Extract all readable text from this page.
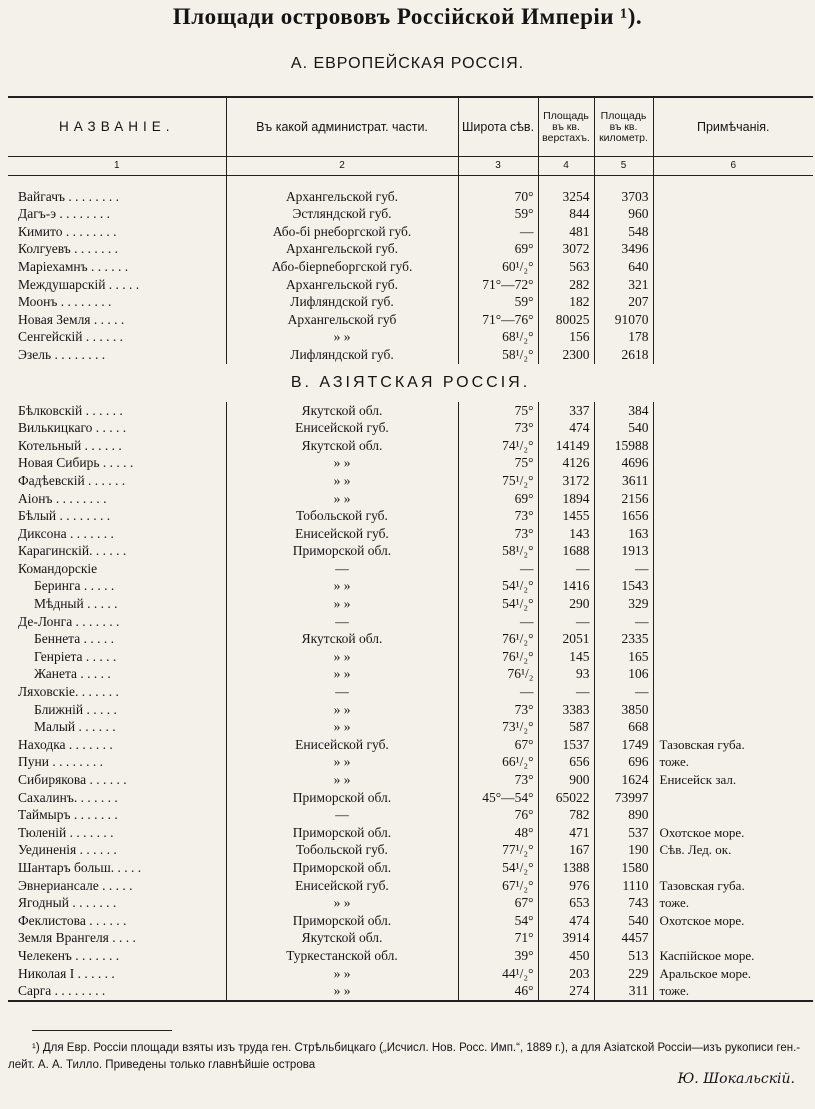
Площади острововъ Россійской Имперіи ¹).
А. ЕВРОПЕЙСКАЯ РОССІЯ.
НАЗВАНІЕ.	Въ какой администрат. части.	Широта сѣв.	Площадь въ кв. верстахъ.	Площадь въ кв. километр.	Примѣчанія.
1	2	3	4	5	6

Вайгачъ . . . . . . . .	Архангельской губ.	70°	3254	3703	
Дагъ-э . . . . . . . .	Эстляндской губ.	59°	844	960	
Кимито . . . . . . . .	Або-бі рнеборгской губ.	—	481	548	
Колгуевъ . . . . . . .	Архангельской губ.	69°	3072	3496	
Маріехамнъ . . . . . .	Або-біерneборгской губ.	60¹/₂°	563	640	
Междушарскій . . . . .	Архангельской губ.	71°—72°	282	321	
Моонъ . . . . . . . .	Лифляндской губ.	59°	182	207	
Новая Земля . . . . .	Архангельской губ	71°—76°	80025	91070	
Сенгейскій . . . . . .	» »	68¹/₂°	156	178	
Эзель . . . . . . . .	Лифляндской губ.	58¹/₂°	2300	2618	
В. АЗІЯТСКАЯ РОССІЯ.					
Бѣлковскій . . . . . .	Якутской обл.	75°	337	384	
Вилькицкаго . . . . .	Енисейской губ.	73°	474	540	
Котельный . . . . . .	Якутской обл.	74¹/₂°	14149	15988	
Новая Сибирь . . . . .	» »	75°	4126	4696	
Фадѣевскій . . . . . .	» »	75¹/₂°	3172	3611	
Аіонъ . . . . . . . .	» »	69°	1894	2156	
Бѣлый . . . . . . . .	Тобольской губ.	73°	1455	1656	
Диксона . . . . . . .	Енисейской губ.	73°	143	163	
Карагинскій. . . . . .	Приморской обл.	58¹/₂°	1688	1913	
Командорскіе	—	—	—	—	
Беринга . . . . .	» »	54¹/₂°	1416	1543	
Мѣдный . . . . .	» »	54¹/₂°	290	329	
Де-Лонга . . . . . . .	—	—	—	—	
Беннета . . . . .	Якутской обл.	76¹/₂°	2051	2335	
Генріета . . . . .	» »	76¹/₂°	145	165	
Жанета . . . . .	» »	76¹/₂	93	106	
Ляховскіе. . . . . . .	—	—	—	—	
Ближній . . . . .	» »	73°	3383	3850	
Малый . . . . . .	» »	73¹/₂°	587	668	
Находка . . . . . . .	Енисейской губ.	67°	1537	1749	Тазовская губа.
Пуни . . . . . . . .	» »	66¹/₂°	656	696	тоже.
Сибирякова . . . . . .	» »	73°	900	1624	Енисейск зал.
Сахалинъ. . . . . . .	Приморской обл.	45°—54°	65022	73997	
Таймыръ . . . . . . .	—	76°	782	890	
Тюленій . . . . . . .	Приморской обл.	48°	471	537	Охотское море.
Уединенія . . . . . .	Тобольской губ.	77¹/₂°	167	190	Сѣв. Лед. ок.
Шантаръ больш. . . . .	Приморской обл.	54¹/₂°	1388	1580	
Эвнериансале . . . . .	Енисейской губ.	67¹/₂°	976	1110	Тазовская губа.
Ягодный . . . . . . .	» »	67°	653	743	тоже.
Феклистова . . . . . .	Приморской обл.	54°	474	540	Охотское море.
Земля Врангеля . . . .	Якутской обл.	71°	3914	4457	
Челекенъ . . . . . . .	Туркестанской обл.	39°	450	513	Каспійское море.
Николая I . . . . . .	» »	44¹/₂°	203	229	Аральское море.
Сарга . . . . . . . .	» »	46°	274	311	тоже.
¹) Для Евр. Россіи площади взяты изъ труда ген. Стрѣльбицкаго („Исчисл. Нов. Росс. Имп.“, 1889 г.), а для Азіатской Россіи—изъ рукописи ген.-лейт. А. А. Тилло. Приведены только главнѣйшіе острова
Ю. Шокальскій.
